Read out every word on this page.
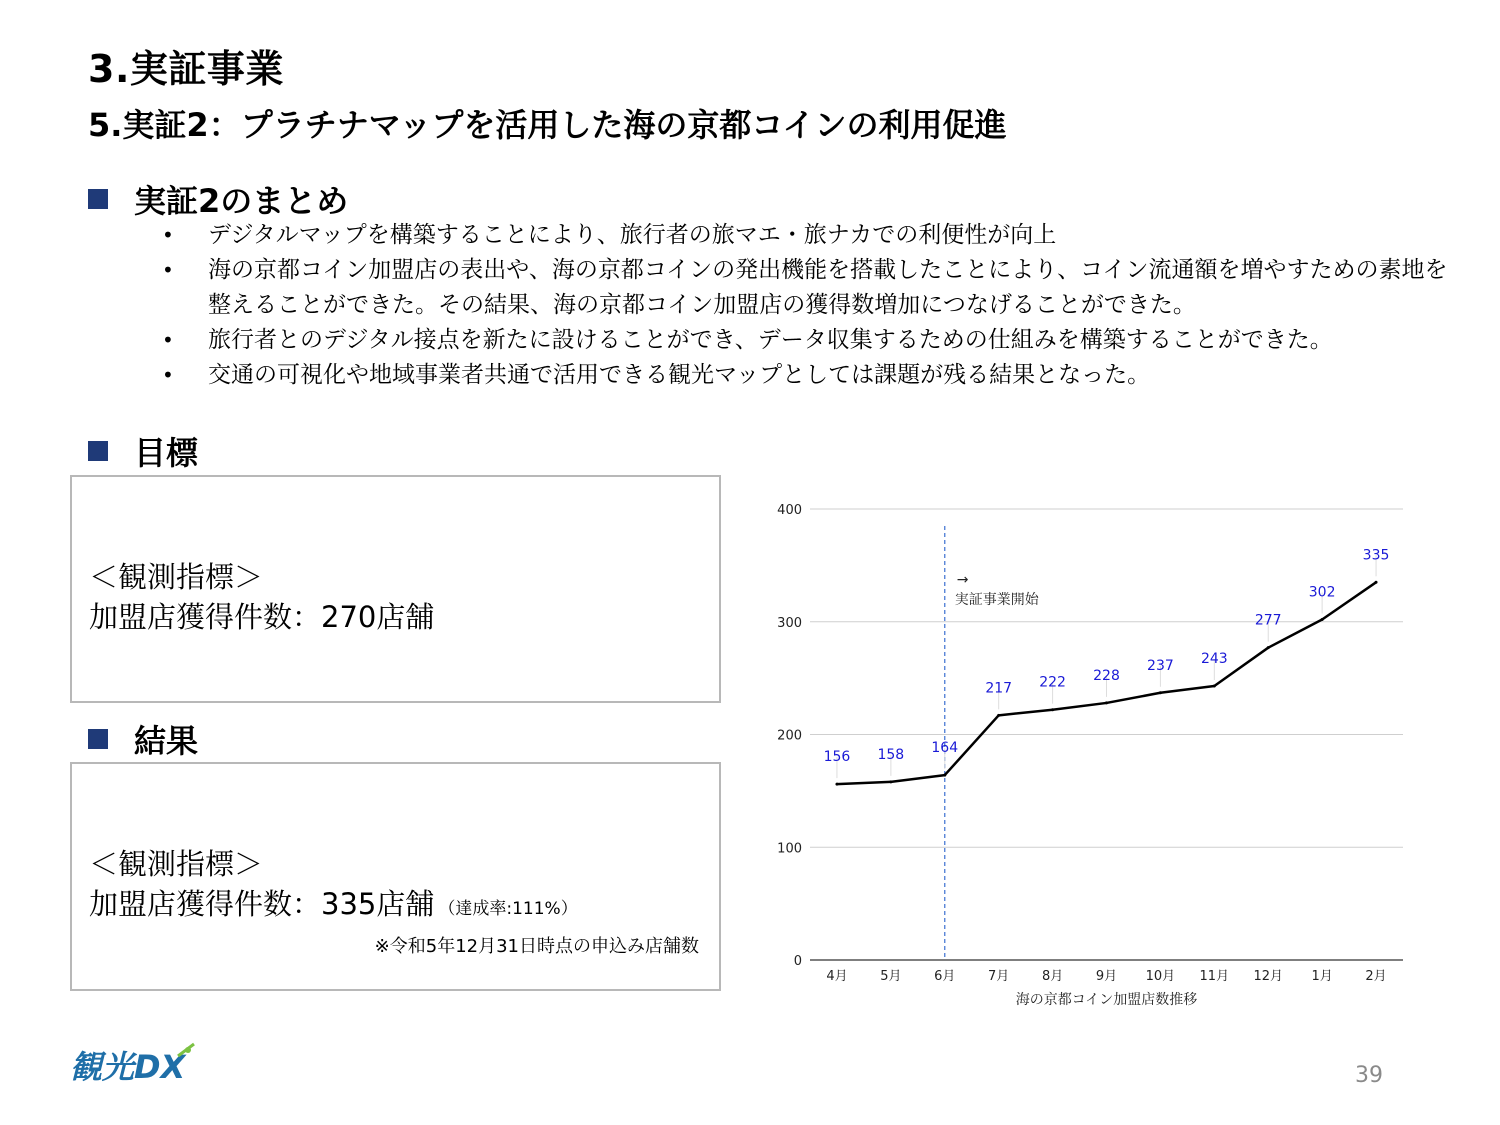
3.実証事業
5.実証2：プラチナマップを活用した海の京都コインの利用促進
実証2のまとめ
• デジタルマップを構築することにより、旅行者の旅マエ・旅ナカでの利便性が向上
• 海の京都コイン加盟店の表出や、海の京都コインの発出機能を搭載したことにより、コイン流通額を増やすための素地を整えることができた。その結果、海の京都コイン加盟店の獲得数増加につなげることができた。
• 旅行者とのデジタル接点を新たに設けることができ、データ収集するための仕組みを構築することができた。
• 交通の可視化や地域事業者共通で活用できる観光マップとしては課題が残る結果となった。
目標
＜観測指標＞
加盟店獲得件数：270店舗
結果
＜観測指標＞
加盟店獲得件数：335店舗 （達成率:111%）
※令和5年12月31日時点の申込み店舗数
0
100
200
300
400
4月	5月	6月	7月	8月	9月 10月 11月 12月 1月	2月
海の京都コイン加盟店数推移
→
実証事業開始
156 158 164
217 222 228
237 243
277
302
335
観光 DX	39
